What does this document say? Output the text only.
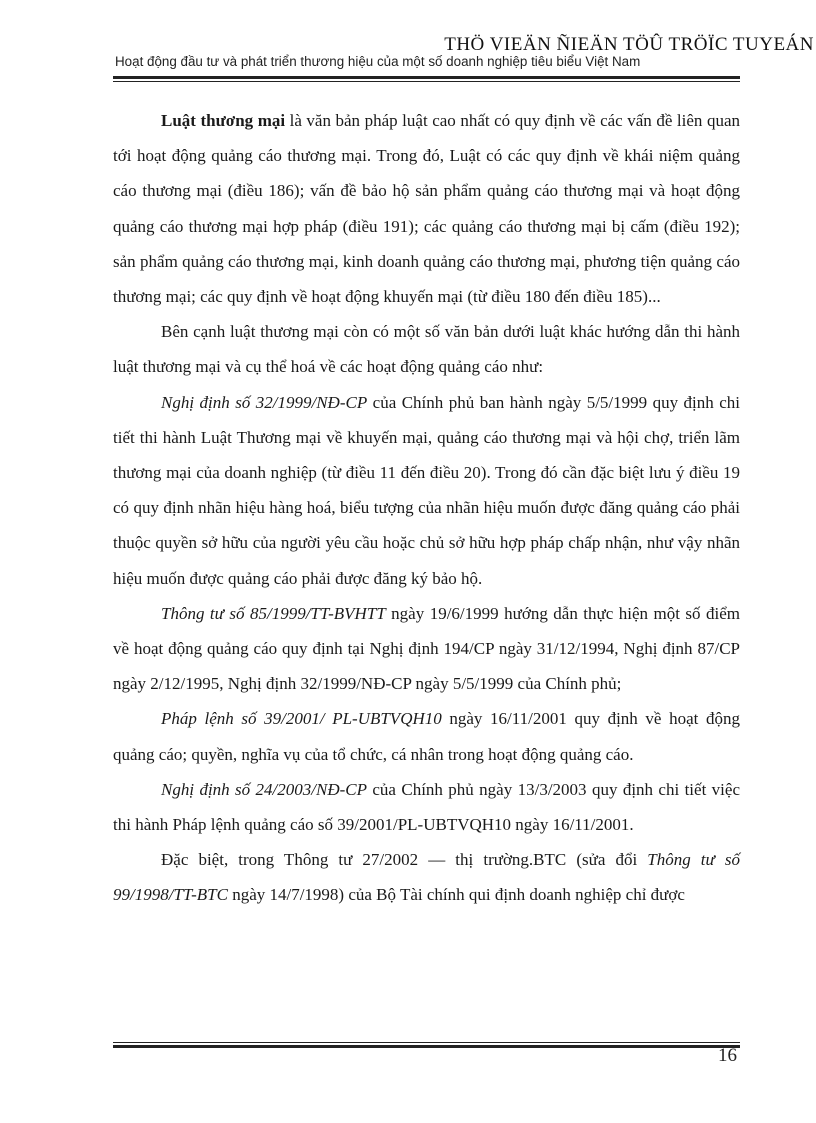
THÖ VIEÄN ÑIEÄN TÖÛ TRÖÏC TUYEÁN
Hoạt động đầu tư và phát triển thương hiệu của một số doanh nghiệp tiêu biểu Việt Nam

Luật thương mại là văn bản pháp luật cao nhất có quy định về các vấn đề liên quan tới hoạt động quảng cáo thương mại. Trong đó, Luật có các quy định về khái niệm quảng cáo thương mại (điều 186); vấn đề bảo hộ sản phẩm quảng cáo thương mại và hoạt động quảng cáo thương mại hợp pháp (điều 191); các quảng cáo thương mại bị cấm (điều 192); sản phẩm quảng cáo thương mại, kinh doanh quảng cáo thương mại, phương tiện quảng cáo thương mại; các quy định về hoạt động khuyến mại (từ điều 180 đến điều 185)...

Bên cạnh luật thương mại còn có một số văn bản dưới luật khác hướng dẫn thi hành luật thương mại và cụ thể hoá về các hoạt động quảng cáo như:

Nghị định số 32/1999/NĐ-CP của Chính phủ ban hành ngày 5/5/1999 quy định chi tiết thi hành Luật Thương mại về khuyến mại, quảng cáo thương mại và hội chợ, triển lãm thương mại của doanh nghiệp (từ điều 11 đến điều 20). Trong đó cần đặc biệt lưu ý điều 19 có quy định nhãn hiệu hàng hoá, biểu tượng của nhãn hiệu muốn được đăng quảng cáo phải thuộc quyền sở hữu của người yêu cầu hoặc chủ sở hữu hợp pháp chấp nhận, như vậy nhãn hiệu muốn được quảng cáo phải được đăng ký bảo hộ.

Thông tư số 85/1999/TT-BVHTT ngày 19/6/1999 hướng dẫn thực hiện một số điểm về hoạt động quảng cáo quy định tại Nghị định 194/CP ngày 31/12/1994, Nghị định 87/CP ngày 2/12/1995, Nghị định 32/1999/NĐ-CP ngày 5/5/1999 của Chính phủ;

Pháp lệnh số 39/2001/ PL-UBTVQH10 ngày 16/11/2001 quy định về hoạt động quảng cáo; quyền, nghĩa vụ của tổ chức, cá nhân trong hoạt động quảng cáo.

Nghị định số 24/2003/NĐ-CP của Chính phủ ngày 13/3/2003 quy định chi tiết việc thi hành Pháp lệnh quảng cáo số 39/2001/PL-UBTVQH10 ngày 16/11/2001.

Đặc biệt, trong Thông tư 27/2002 — thị trường.BTC (sửa đổi Thông tư số 99/1998/TT-BTC ngày 14/7/1998) của Bộ Tài chính qui định doanh nghiệp chỉ được

16
